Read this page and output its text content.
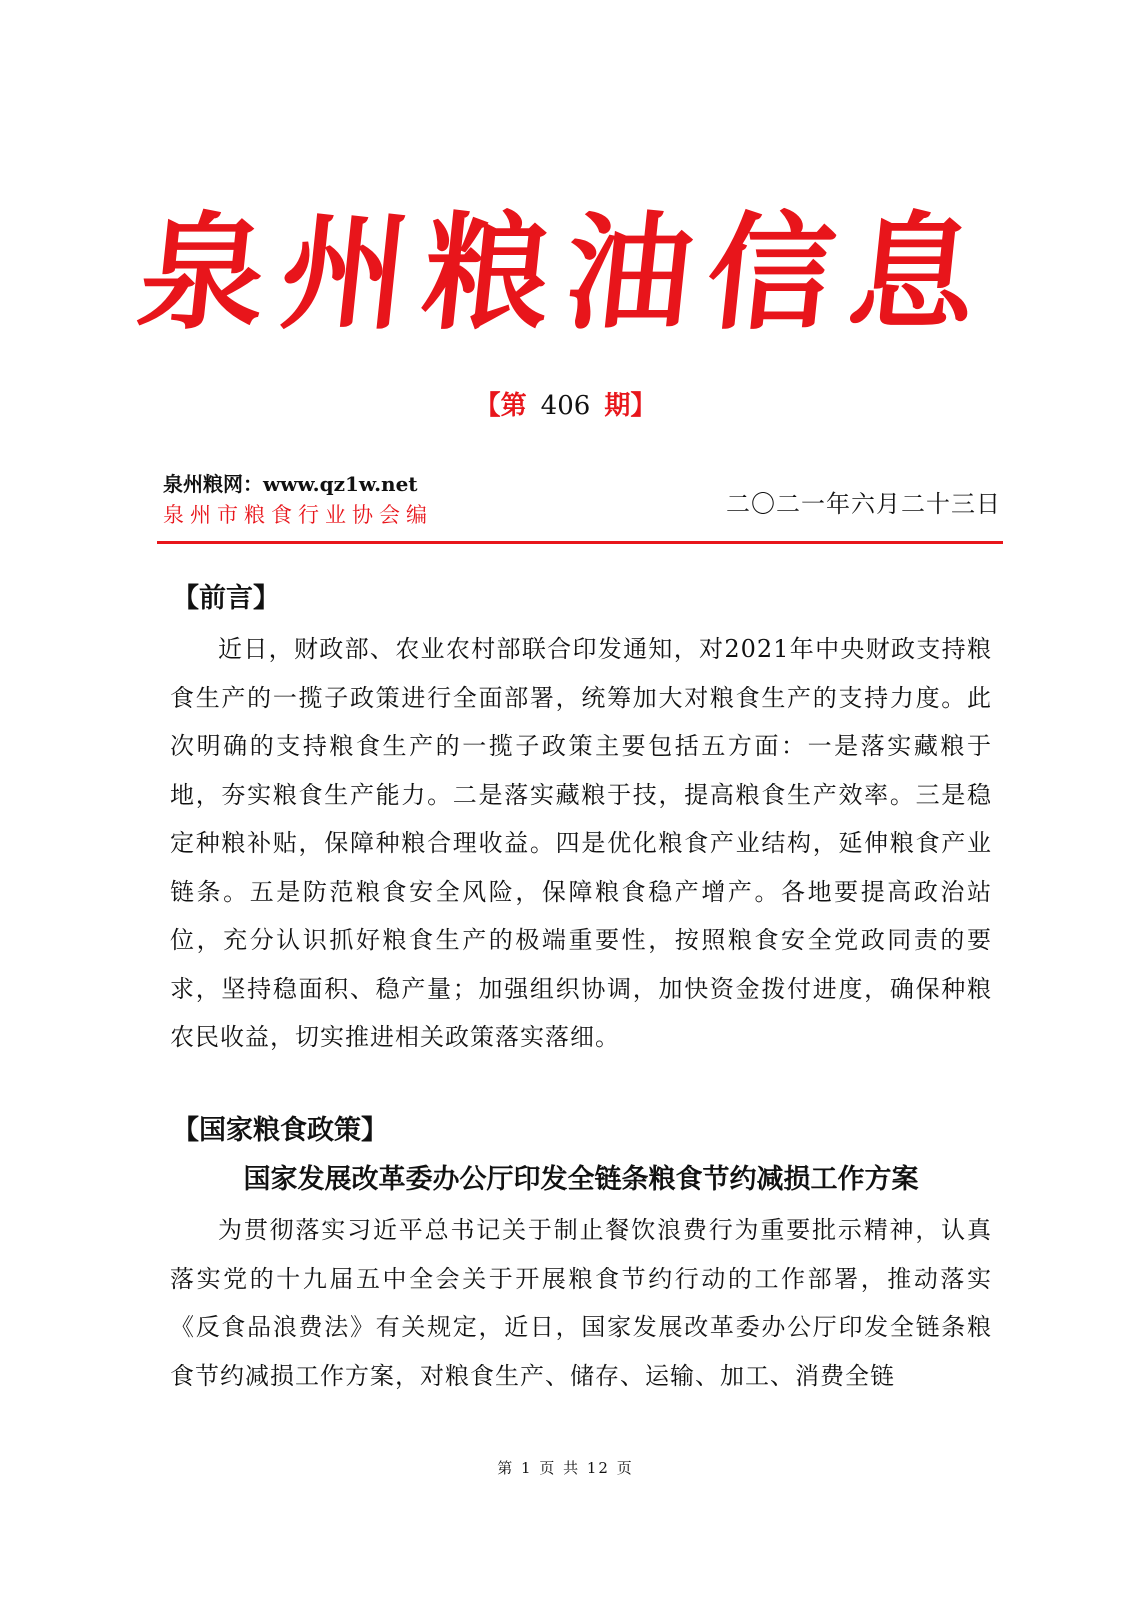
泉州粮油信息
【第 406 期】
泉州粮网：www.qz1w.net
泉州市粮食行业协会编	二〇二一年六月二十三日
【前言】

近日，财政部、农业农村部联合印发通知，对2021年中央财政支持粮食生产的一揽子政策进行全面部署，统筹加大对粮食生产的支持力度。此次明确的支持粮食生产的一揽子政策主要包括五方面：一是落实藏粮于地，夯实粮食生产能力。二是落实藏粮于技，提高粮食生产效率。三是稳定种粮补贴，保障种粮合理收益。四是优化粮食产业结构，延伸粮食产业链条。五是防范粮食安全风险，保障粮食稳产增产。各地要提高政治站位，充分认识抓好粮食生产的极端重要性，按照粮食安全党政同责的要求，坚持稳面积、稳产量；加强组织协调，加快资金拨付进度，确保种粮农民收益，切实推进相关政策落实落细。

【国家粮食政策】
国家发展改革委办公厅印发全链条粮食节约减损工作方案

为贯彻落实习近平总书记关于制止餐饮浪费行为重要批示精神，认真落实党的十九届五中全会关于开展粮食节约行动的工作部署，推动落实《反食品浪费法》有关规定，近日，国家发展改革委办公厅印发全链条粮食节约减损工作方案，对粮食生产、储存、运输、加工、消费全链

第 1 页 共 12 页
